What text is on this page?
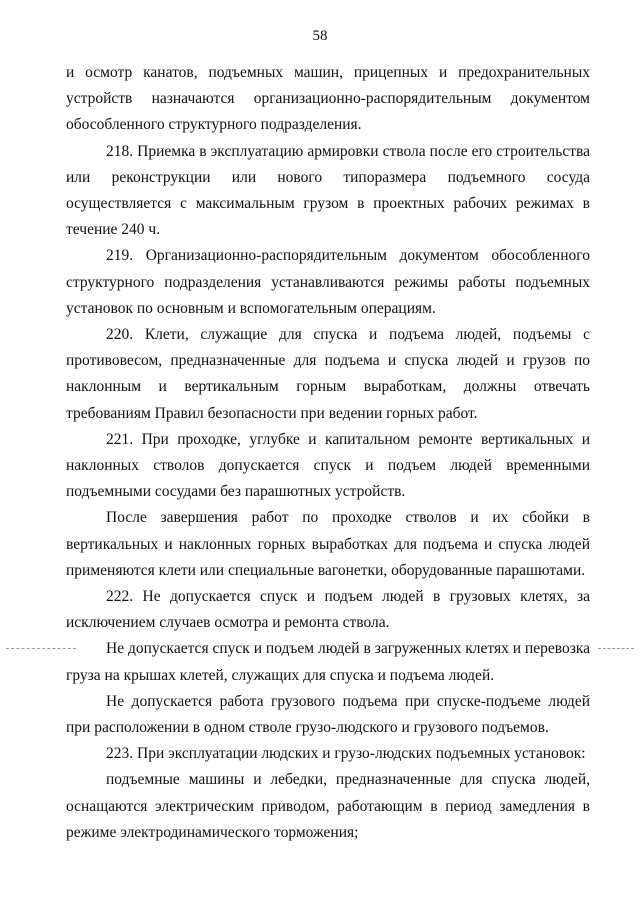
58

и осмотр канатов, подъемных машин, прицепных и предохранительных устройств назначаются организационно-распорядительным документом обособленного структурного подразделения.

218. Приемка в эксплуатацию армировки ствола после его строительства или реконструкции или нового типоразмера подъемного сосуда осуществляется с максимальным грузом в проектных рабочих режимах в течение 240 ч.

219. Организационно-распорядительным документом обособленного структурного подразделения устанавливаются режимы работы подъемных установок по основным и вспомогательным операциям.

220. Клети, служащие для спуска и подъема людей, подъемы с противовесом, предназначенные для подъема и спуска людей и грузов по наклонным и вертикальным горным выработкам, должны отвечать требованиям Правил безопасности при ведении горных работ.

221. При проходке, углубке и капитальном ремонте вертикальных и наклонных стволов допускается спуск и подъем людей временными подъемными сосудами без парашютных устройств.

После завершения работ по проходке стволов и их сбойки в вертикальных и наклонных горных выработках для подъема и спуска людей применяются клети или специальные вагонетки, оборудованные парашютами.

222. Не допускается спуск и подъем людей в грузовых клетях, за исключением случаев осмотра и ремонта ствола.

Не допускается спуск и подъем людей в загруженных клетях и перевозка груза на крышах клетей, служащих для спуска и подъема людей.

Не допускается работа грузового подъема при спуске-подъеме людей при расположении в одном стволе грузо-людского и грузового подъемов.

223. При эксплуатации людских и грузо-людских подъемных установок:

подъемные машины и лебедки, предназначенные для спуска людей, оснащаются электрическим приводом, работающим в период замедления в режиме электродинамического торможения;
